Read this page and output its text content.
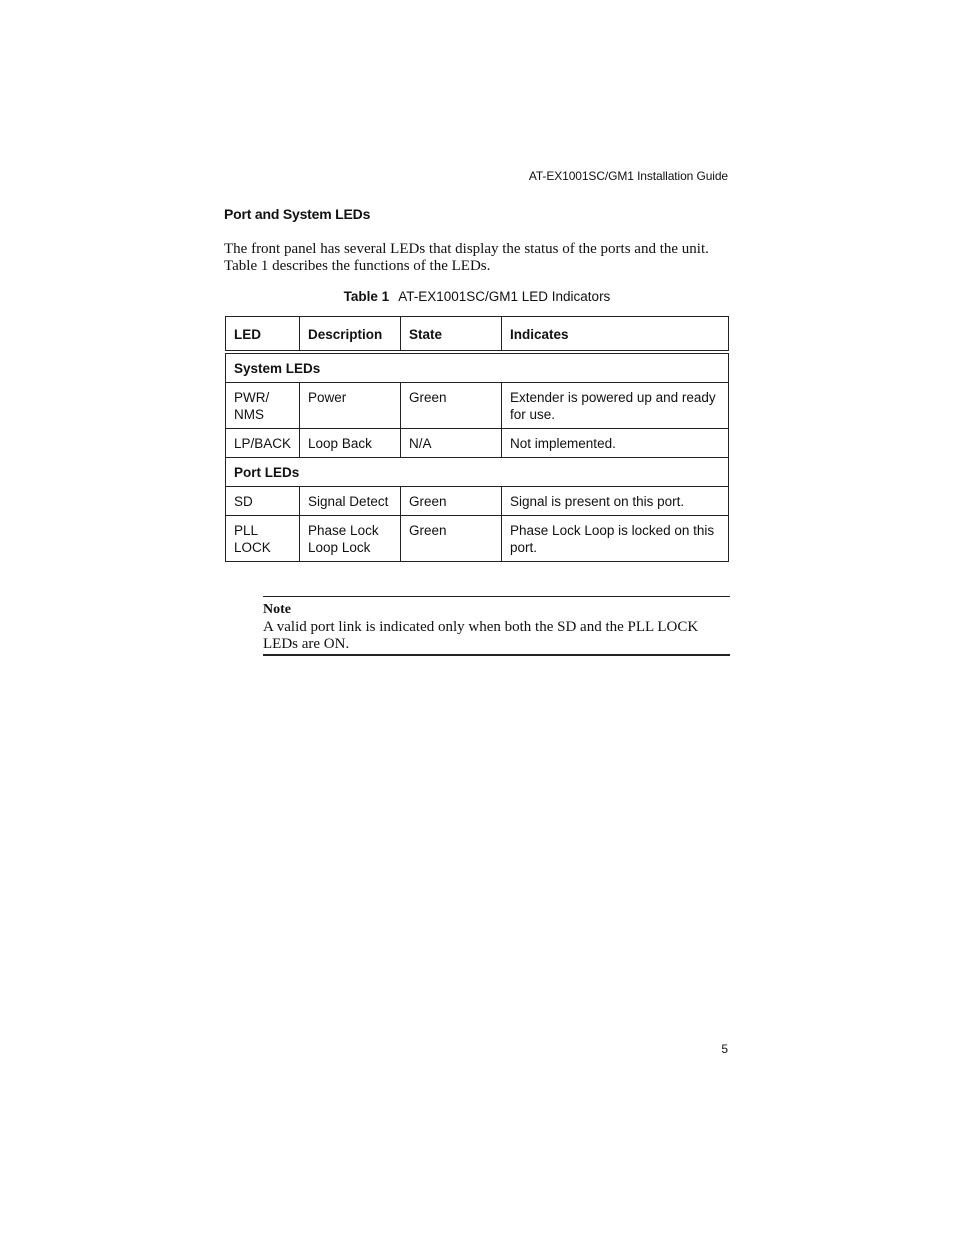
AT-EX1001SC/GM1 Installation Guide
Port and System LEDs
The front panel has several LEDs that display the status of the ports and the unit. Table 1 describes the functions of the LEDs.
Table 1 AT-EX1001SC/GM1 LED Indicators
LED	Description	State	Indicates
System LEDs			
PWR/ NMS	Power	Green	Extender is powered up and ready for use.
LP/BACK	Loop Back	N/A	Not implemented.
Port LEDs			
SD	Signal Detect	Green	Signal is present on this port.
PLL LOCK	Phase Lock Loop Lock	Green	Phase Lock Loop is locked on this port.
Note
A valid port link is indicated only when both the SD and the PLL LOCK LEDs are ON.
5
